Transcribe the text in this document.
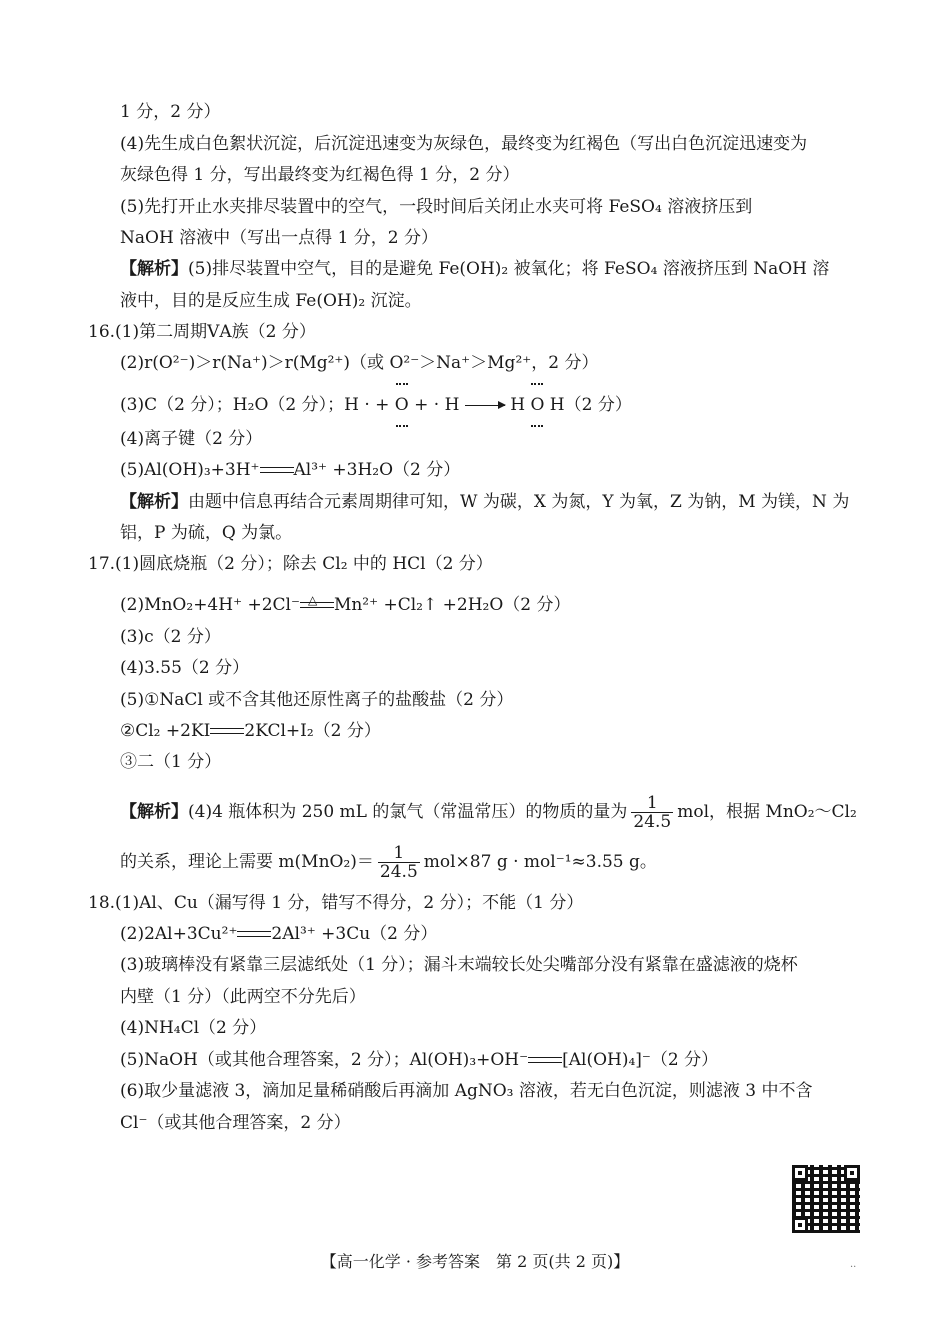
1 分，2 分）
(4)先生成白色絮状沉淀，后沉淀迅速变为灰绿色，最终变为红褐色（写出白色沉淀迅速变为
灰绿色得 1 分，写出最终变为红褐色得 1 分，2 分）
(5)先打开止水夹排尽装置中的空气，一段时间后关闭止水夹可将 FeSO₄ 溶液挤压到
NaOH 溶液中（写出一点得 1 分，2 分）
【解析】(5)排尽装置中空气，目的是避免 Fe(OH)₂ 被氧化；将 FeSO₄ 溶液挤压到 NaOH 溶
液中，目的是反应生成 Fe(OH)₂ 沉淀。
16.(1)第二周期ⅤA族（2 分）
(2)r(O²⁻)＞r(Na⁺)＞r(Mg²⁺)（或 O²⁻＞Na⁺＞Mg²⁺，2 分）
(3)C（2 分）；H₂O（2 分）；H · + O + · H → H O H（2 分）
(4)离子键（2 分）
(5)Al(OH)₃+3H⁺ Al³⁺ +3H₂O（2 分）
【解析】由题中信息再结合元素周期律可知，W 为碳，X 为氮，Y 为氧，Z 为钠，M 为镁，N 为
铝，P 为硫，Q 为氯。
17.(1)圆底烧瓶（2 分）；除去 Cl₂ 中的 HCl（2 分）
(2)MnO₂+4H⁺ +2Cl⁻ △ Mn²⁺ +Cl₂↑ +2H₂O（2 分）
(3)c（2 分）
(4)3.55（2 分）
(5)①NaCl 或不含其他还原性离子的盐酸盐（2 分）
②Cl₂ +2KI 2KCl+I₂（2 分）
③二（1 分）
【解析】(4)4 瓶体积为 250 mL 的氯气（常温常压）的物质的量为 $\frac{1}{24.5}$ mol，根据 MnO₂～Cl₂
的关系，理论上需要 $m(MnO_2)= \frac{1}{24.5} mol\times 87$ g · mol⁻¹≈3.55 g。
18.(1)Al、Cu（漏写得 1 分，错写不得分，2 分）；不能（1 分）
(2)2Al+3Cu²⁺ 2Al³⁺ +3Cu（2 分）
(3)玻璃棒没有紧靠三层滤纸处（1 分）；漏斗末端较长处尖嘴部分没有紧靠在盛滤液的烧杯
内壁（1 分）（此两空不分先后）
(4)NH₄Cl（2 分）
(5)NaOH（或其他合理答案，2 分）；Al(OH)₃+OH⁻ [Al(OH)₄]⁻（2 分）
(6)取少量滤液 3，滴加足量稀硝酸后再滴加 AgNO₃ 溶液，若无白色沉淀，则滤液 3 中不含
Cl⁻（或其他合理答案，2 分）
【高一化学 · 参考答案　第 2 页(共 2 页)】	··
